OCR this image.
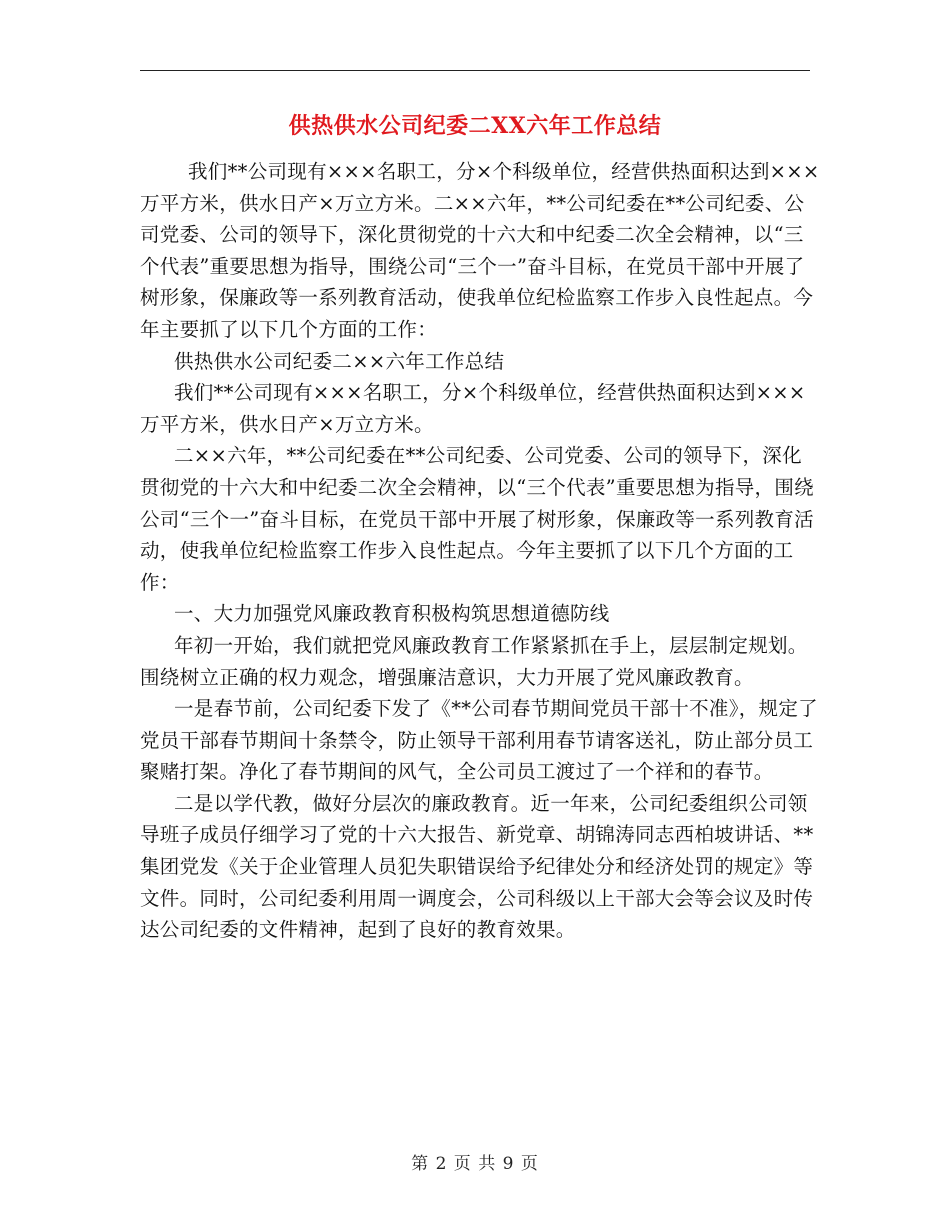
供热供水公司纪委二XX六年工作总结

我们**公司现有×××名职工，分×个科级单位，经营供热面积达到×××万平方米，供水日产×万立方米。二××六年，**公司纪委在**公司纪委、公司党委、公司的领导下，深化贯彻党的十六大和中纪委二次全会精神，以“三个代表”重要思想为指导，围绕公司“三个一”奋斗目标，在党员干部中开展了树形象，保廉政等一系列教育活动，使我单位纪检监察工作步入良性起点。今年主要抓了以下几个方面的工作：

供热供水公司纪委二××六年工作总结

我们**公司现有×××名职工，分×个科级单位，经营供热面积达到×××万平方米，供水日产×万立方米。

二××六年，**公司纪委在**公司纪委、公司党委、公司的领导下，深化贯彻党的十六大和中纪委二次全会精神，以“三个代表”重要思想为指导，围绕公司“三个一”奋斗目标，在党员干部中开展了树形象，保廉政等一系列教育活动，使我单位纪检监察工作步入良性起点。今年主要抓了以下几个方面的工作：

一、大力加强党风廉政教育积极构筑思想道德防线

年初一开始，我们就把党风廉政教育工作紧紧抓在手上，层层制定规划。围绕树立正确的权力观念，增强廉洁意识，大力开展了党风廉政教育。

一是春节前，公司纪委下发了《**公司春节期间党员干部十不准》，规定了党员干部春节期间十条禁令，防止领导干部利用春节请客送礼，防止部分员工聚赌打架。净化了春节期间的风气，全公司员工渡过了一个祥和的春节。

二是以学代教，做好分层次的廉政教育。近一年来，公司纪委组织公司领导班子成员仔细学习了党的十六大报告、新党章、胡锦涛同志西柏坡讲话、**集团党发《关于企业管理人员犯失职错误给予纪律处分和经济处罚的规定》等文件。同时，公司纪委利用周一调度会，公司科级以上干部大会等会议及时传达公司纪委的文件精神，起到了良好的教育效果。

第 2 页 共 9 页
